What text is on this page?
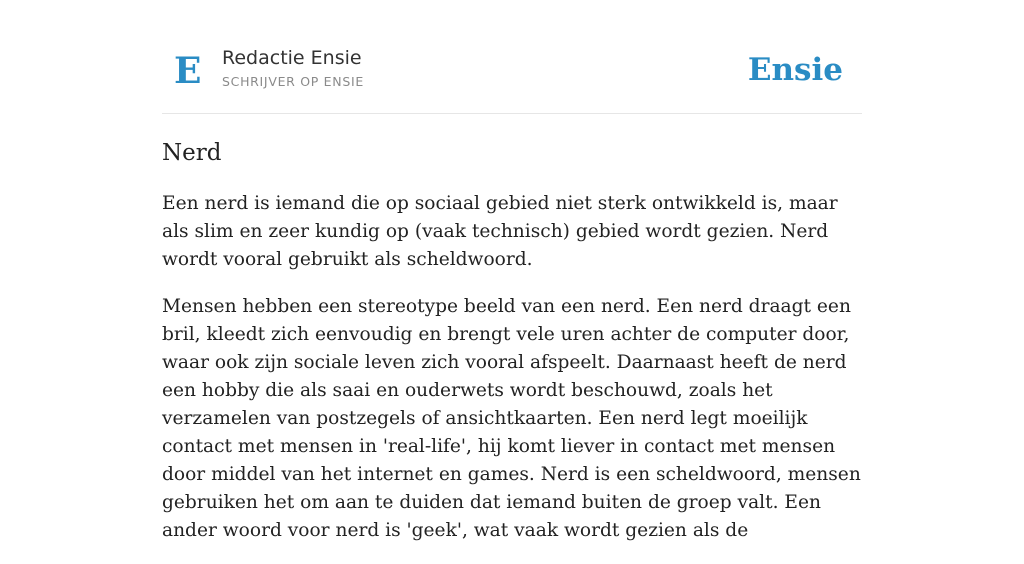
E Redactie Ensie
SCHRIJVER OP ENSIE	Ensie
Nerd

Een nerd is iemand die op sociaal gebied niet sterk ontwikkeld is, maar als slim en zeer kundig op (vaak technisch) gebied wordt gezien. Nerd wordt vooral gebruikt als scheldwoord.

Mensen hebben een stereotype beeld van een nerd. Een nerd draagt een bril, kleedt zich eenvoudig en brengt vele uren achter de computer door, waar ook zijn sociale leven zich vooral afspeelt. Daarnaast heeft de nerd een hobby die als saai en ouderwets wordt beschouwd, zoals het verzamelen van postzegels of ansichtkaarten. Een nerd legt moeilijk contact met mensen in 'real-life', hij komt liever in contact met mensen door middel van het internet en games. Nerd is een scheldwoord, mensen gebruiken het om aan te duiden dat iemand buiten de groep valt. Een ander woord voor nerd is 'geek', wat vaak wordt gezien als de
